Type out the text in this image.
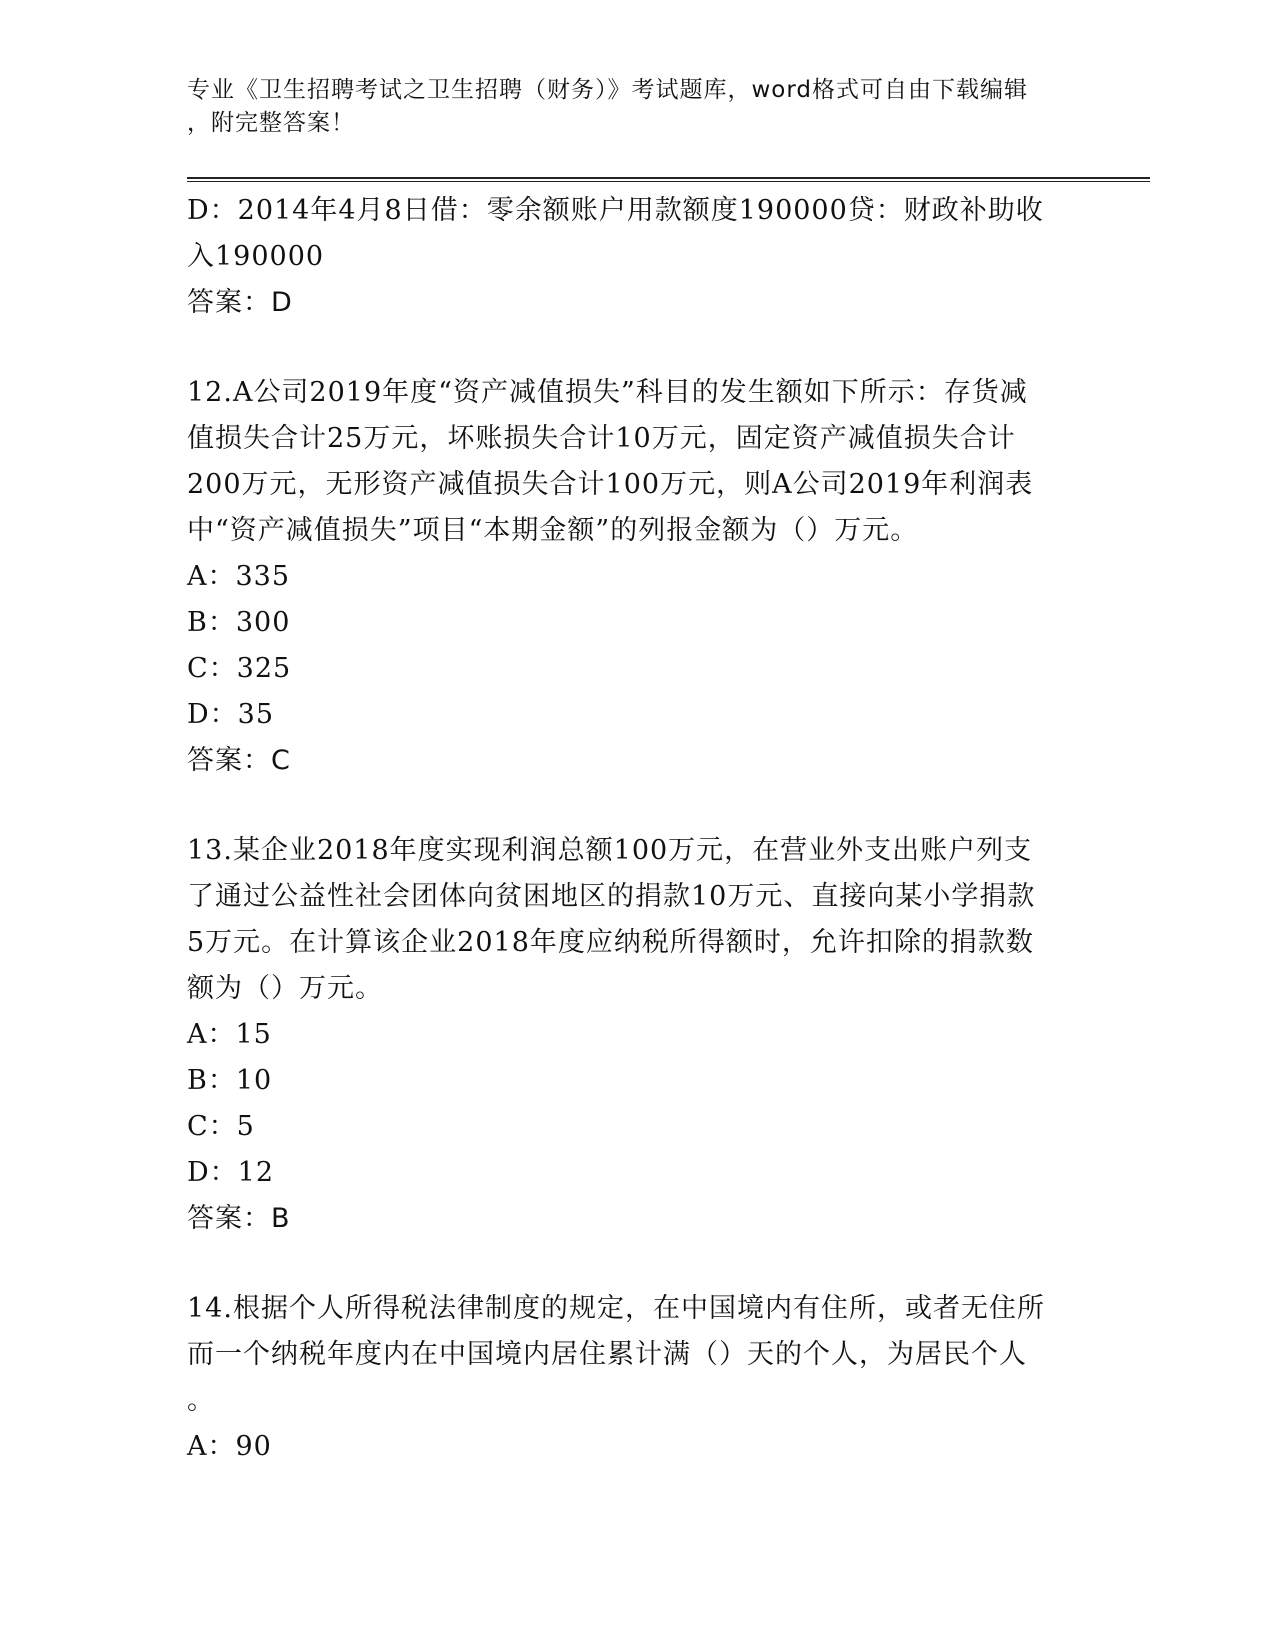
专业《卫生招聘考试之卫生招聘（财务）》考试题库，word格式可自由下载编辑
，附完整答案！
D：2014年4月8日借：零余额账户用款额度190000贷：财政补助收
入190000
答案：D
12.A公司2019年度“资产减值损失”科目的发生额如下所示：存货减
值损失合计25万元，坏账损失合计10万元，固定资产减值损失合计
200万元，无形资产减值损失合计100万元，则A公司2019年利润表
中“资产减值损失”项目“本期金额”的列报金额为（）万元。
A：335
B：300
C：325
D：35
答案：C
13.某企业2018年度实现利润总额100万元，在营业外支出账户列支
了通过公益性社会团体向贫困地区的捐款10万元、直接向某小学捐款
5万元。在计算该企业2018年度应纳税所得额时，允许扣除的捐款数
额为（）万元。
A：15
B：10
C：5
D：12
答案：B
14.根据个人所得税法律制度的规定，在中国境内有住所，或者无住所
而一个纳税年度内在中国境内居住累计满（）天的个人，为居民个人
。
A：90
